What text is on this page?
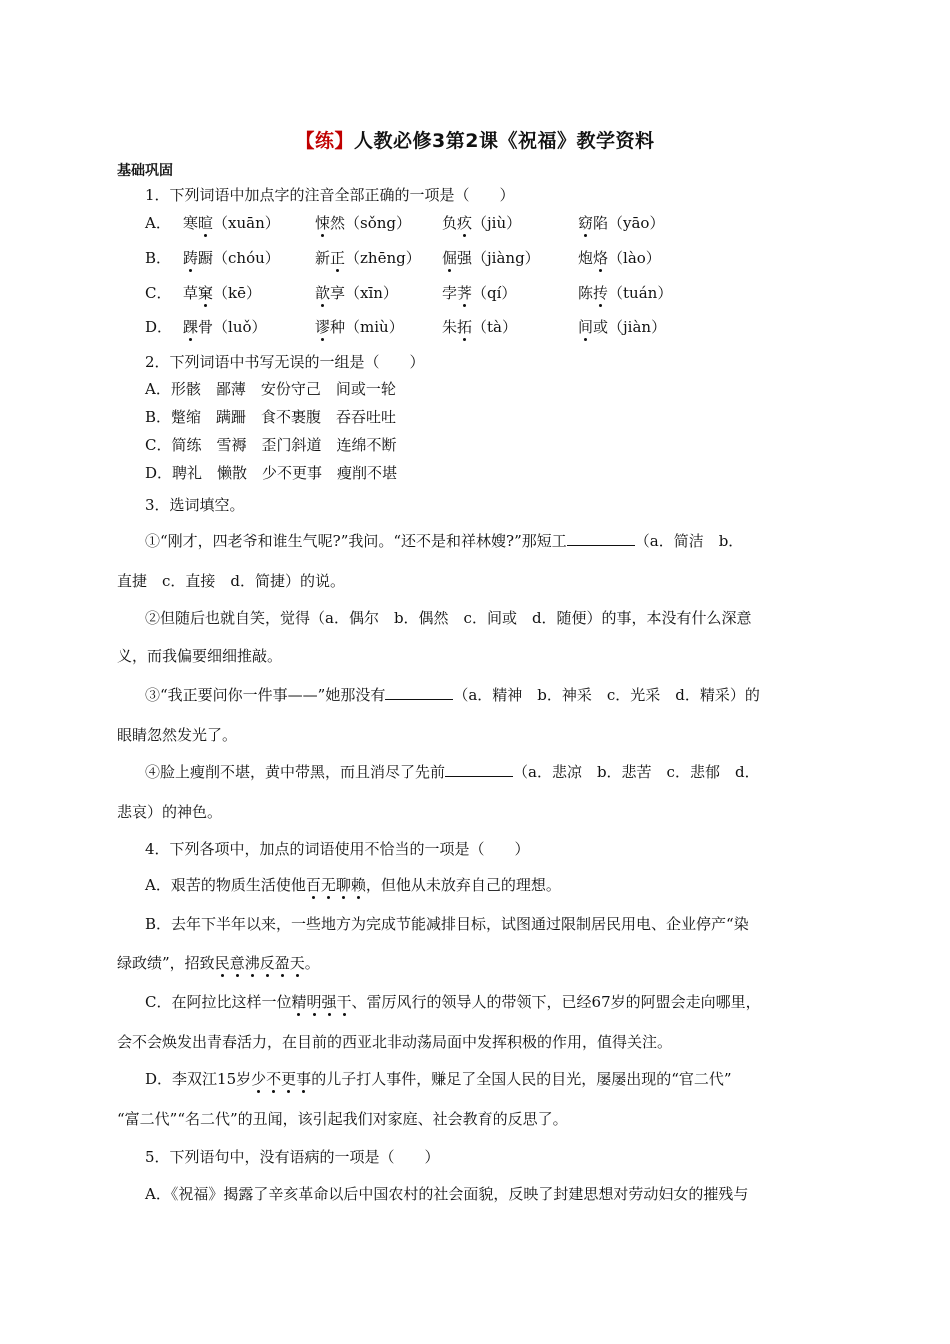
【练】人教必修3第2课《祝福》教学资料
基础巩固
1．下列词语中加点字的注音全部正确的一项是（　　）
A． 寒暄（xuān） 悚然（sǒng） 负疚（jiù）	窈陷（yāo）
B． 踌蹰（chóu） 新正（zhēng） 倔强（jiàng）	炮烙（lào）
C． 草窠（kē）	歆享（xīn）	孛荠（qí）	陈抟（tuán）
D． 踝骨（luǒ）	谬种（miù）	朱拓（tà）	间或（jiàn）
2．下列词语中书写无误的一组是（　　）
A．形骸　鄙薄　安份守己　间或一轮
B．蹩缩　蹒跚　食不裹腹　吞吞吐吐
C．简练　雪褥　歪门斜道　连绵不断
D．聘礼　懒散　少不更事　瘦削不堪
3．选词填空。
①“刚才，四老爷和谁生气呢?”我问。“还不是和祥林嫂?”那短工	（a．简洁　b．
直捷　c．直接　d．简捷）的说。
②但随后也就自笑，觉得（a．偶尔　b．偶然　c．间或　d．随便）的事，本没有什么深意
义，而我偏要细细推敲。
③“我正要问你一件事——”她那没有	（a．精神　b．神采　c．光采　d．精采）的
眼睛忽然发光了。
④脸上瘦削不堪，黄中带黑，而且消尽了先前	（a．悲凉　b．悲苦　c．悲郁　d．
悲哀）的神色。
4．下列各项中，加点的词语使用不恰当的一项是（　　）
A．艰苦的物质生活使他百无聊赖，但他从未放弃自己的理想。
B．去年下半年以来，一些地方为完成节能减排目标，试图通过限制居民用电、企业停产“染
绿政绩”，招致民意沸反盈天。
C．在阿拉比这样一位精明强干、雷厉风行的领导人的带领下，已经67岁的阿盟会走向哪里，
会不会焕发出青春活力，在目前的西亚北非动荡局面中发挥积极的作用，值得关注。
D．李双江15岁少不更事的儿子打人事件，赚足了全国人民的目光，屡屡出现的“官二代”
“富二代”“名二代”的丑闻，该引起我们对家庭、社会教育的反思了。
5．下列语句中，没有语病的一项是（　　）
A．《祝福》揭露了辛亥革命以后中国农村的社会面貌，反映了封建思想对劳动妇女的摧残与
